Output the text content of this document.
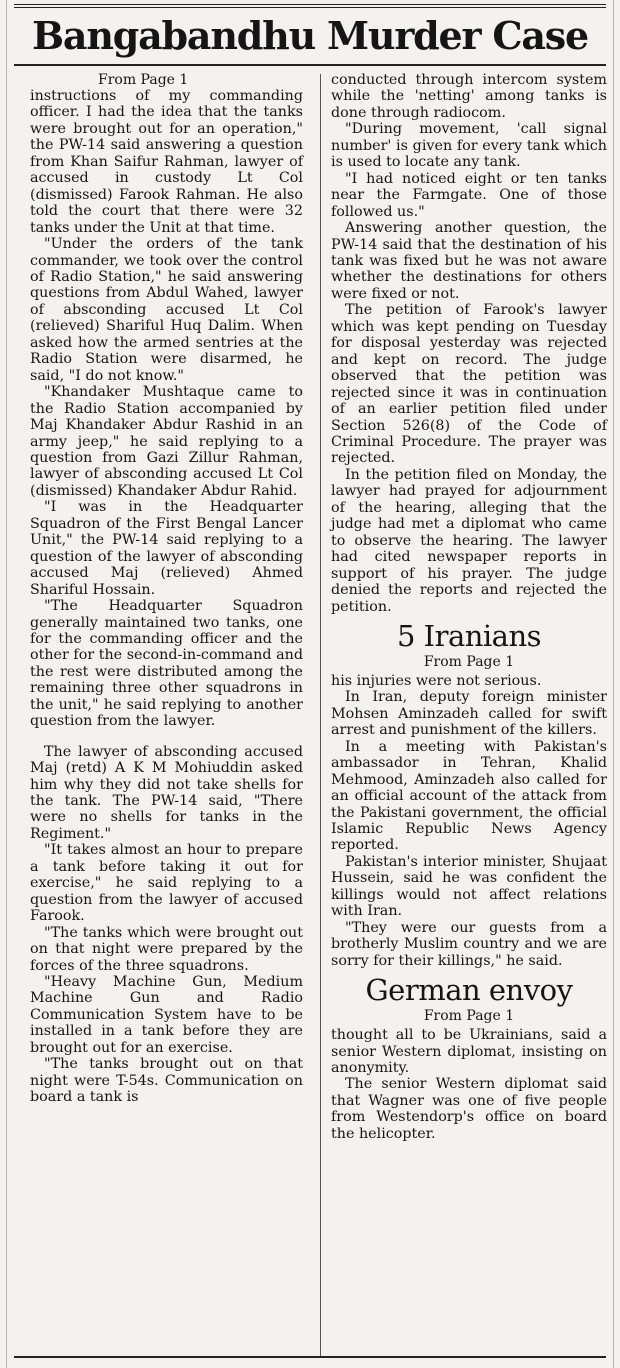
Bangabandhu Murder Case
From Page 1

instructions of my commanding officer. I had the idea that the tanks were brought out for an operation," the PW-14 said answering a question from Khan Saifur Rahman, lawyer of accused in custody Lt Col (dismissed) Farook Rahman. He also told the court that there were 32 tanks under the Unit at that time.

"Under the orders of the tank commander, we took over the control of Radio Station," he said answering questions from Abdul Wahed, lawyer of absconding accused Lt Col (relieved) Shariful Huq Dalim. When asked how the armed sentries at the Radio Station were disarmed, he said, "I do not know."

"Khandaker Mushtaque came to the Radio Station accompanied by Maj Khandaker Abdur Rashid in an army jeep," he said replying to a question from Gazi Zillur Rahman, lawyer of absconding accused Lt Col (dismissed) Khandaker Abdur Rahid.

"I was in the Headquarter Squadron of the First Bengal Lancer Unit," the PW-14 said replying to a question of the lawyer of absconding accused Maj (relieved) Ahmed Shariful Hossain.

"The Headquarter Squadron generally maintained two tanks, one for the commanding officer and the other for the second-in-command and the rest were distributed among the remaining three other squadrons in the unit," he said replying to another question from the lawyer.

The lawyer of absconding accused Maj (retd) A K M Mohiuddin asked him why they did not take shells for the tank. The PW-14 said, "There were no shells for tanks in the Regiment."

"It takes almost an hour to prepare a tank before taking it out for exercise," he said replying to a question from the lawyer of accused Farook.

"The tanks which were brought out on that night were prepared by the forces of the three squadrons.

"Heavy Machine Gun, Medium Machine Gun and Radio Communication System have to be installed in a tank before they are brought out for an exercise.

"The tanks brought out on that night were T-54s. Communication on board a tank is

conducted through intercom system while the 'netting' among tanks is done through radiocom.

"During movement, 'call signal number' is given for every tank which is used to locate any tank.

"I had noticed eight or ten tanks near the Farmgate. One of those followed us."

Answering another question, the PW-14 said that the destination of his tank was fixed but he was not aware whether the destinations for others were fixed or not.

The petition of Farook's lawyer which was kept pending on Tuesday for disposal yesterday was rejected and kept on record. The judge observed that the petition was rejected since it was in continuation of an earlier petition filed under Section 526(8) of the Code of Criminal Procedure. The prayer was rejected.

In the petition filed on Monday, the lawyer had prayed for adjournment of the hearing, alleging that the judge had met a diplomat who came to observe the hearing. The lawyer had cited newspaper reports in support of his prayer. The judge denied the reports and rejected the petition.

5 Iranians
From Page 1

his injuries were not serious.

In Iran, deputy foreign minister Mohsen Aminzadeh called for swift arrest and punishment of the killers.

In a meeting with Pakistan's ambassador in Tehran, Khalid Mehmood, Aminzadeh also called for an official account of the attack from the Pakistani government, the official Islamic Republic News Agency reported.

Pakistan's interior minister, Shujaat Hussein, said he was confident the killings would not affect relations with Iran.

"They were our guests from a brotherly Muslim country and we are sorry for their killings," he said.

German envoy
From Page 1

thought all to be Ukrainians, said a senior Western diplomat, insisting on anonymity.

The senior Western diplomat said that Wagner was one of five people from Westendorp's office on board the helicopter.
